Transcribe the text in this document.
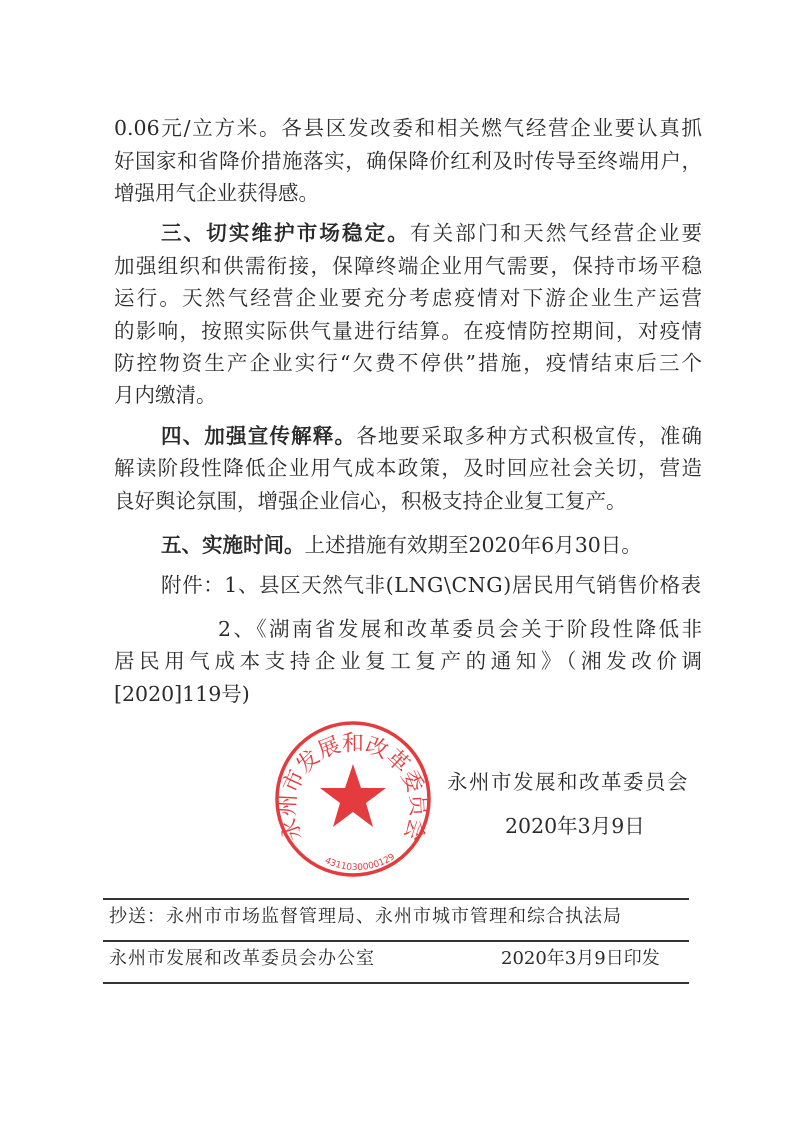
0.06元/立方米。各县区发改委和相关燃气经营企业要认真抓
好国家和省降价措施落实，确保降价红利及时传导至终端用户，
增强用气企业获得感。
三、切实维护市场稳定。有关部门和天然气经营企业要
加强组织和供需衔接，保障终端企业用气需要，保持市场平稳
运行。天然气经营企业要充分考虑疫情对下游企业生产运营
的影响，按照实际供气量进行结算。在疫情防控期间，对疫情
防控物资生产企业实行“欠费不停供”措施，疫情结束后三个
月内缴清。
四、加强宣传解释。各地要采取多种方式积极宣传，准确
解读阶段性降低企业用气成本政策，及时回应社会关切，营造
良好舆论氛围，增强企业信心，积极支持企业复工复产。
五、实施时间。上述措施有效期至2020年6月30日。
附件：1、县区天然气非(LNG\CNG)居民用气销售价格表
2、《湖南省发展和改革委员会关于阶段性降低非
居民用气成本支持企业复工复产的通知》（湘发改价调
[2020]119号)
永州市发展和改革委员会
4311030000129
永州市发展和改革委员会
2020年3月9日
抄送：永州市市场监督管理局、永州市城市管理和综合执法局
永州市发展和改革委员会办公室	2020年3月9日印发
